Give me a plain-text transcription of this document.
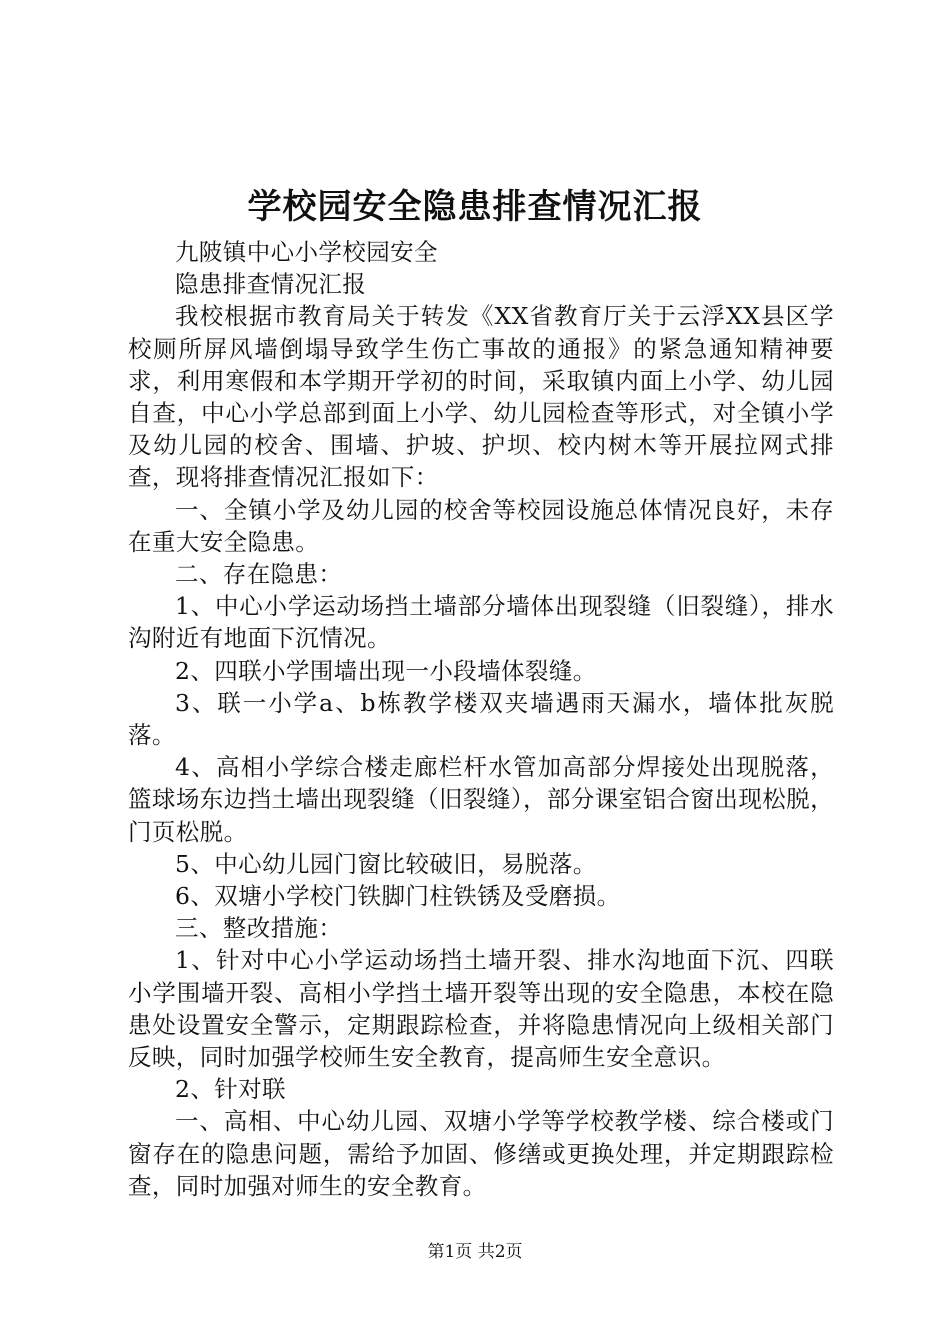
学校园安全隐患排查情况汇报

九陂镇中心小学校园安全

隐患排查情况汇报

我校根据市教育局关于转发《XX省教育厅关于云浮XX县区学校厕所屏风墙倒塌导致学生伤亡事故的通报》的紧急通知精神要求，利用寒假和本学期开学初的时间，采取镇内面上小学、幼儿园自查，中心小学总部到面上小学、幼儿园检查等形式，对全镇小学及幼儿园的校舍、围墙、护坡、护坝、校内树木等开展拉网式排查，现将排查情况汇报如下：

一、全镇小学及幼儿园的校舍等校园设施总体情况良好，未存在重大安全隐患。

二、存在隐患：

1、中心小学运动场挡土墙部分墙体出现裂缝（旧裂缝），排水沟附近有地面下沉情况。

2、四联小学围墙出现一小段墙体裂缝。

3、联一小学a、b栋教学楼双夹墙遇雨天漏水，墙体批灰脱落。

4、高相小学综合楼走廊栏杆水管加高部分焊接处出现脱落，篮球场东边挡土墙出现裂缝（旧裂缝），部分课室铝合窗出现松脱，门页松脱。

5、中心幼儿园门窗比较破旧，易脱落。

6、双塘小学校门铁脚门柱铁锈及受磨损。

三、整改措施：

1、针对中心小学运动场挡土墙开裂、排水沟地面下沉、四联小学围墙开裂、高相小学挡土墙开裂等出现的安全隐患，本校在隐患处设置安全警示，定期跟踪检查，并将隐患情况向上级相关部门反映，同时加强学校师生安全教育，提高师生安全意识。

2、针对联

一、高相、中心幼儿园、双塘小学等学校教学楼、综合楼或门窗存在的隐患问题，需给予加固、修缮或更换处理，并定期跟踪检查，同时加强对师生的安全教育。

第1页 共2页
